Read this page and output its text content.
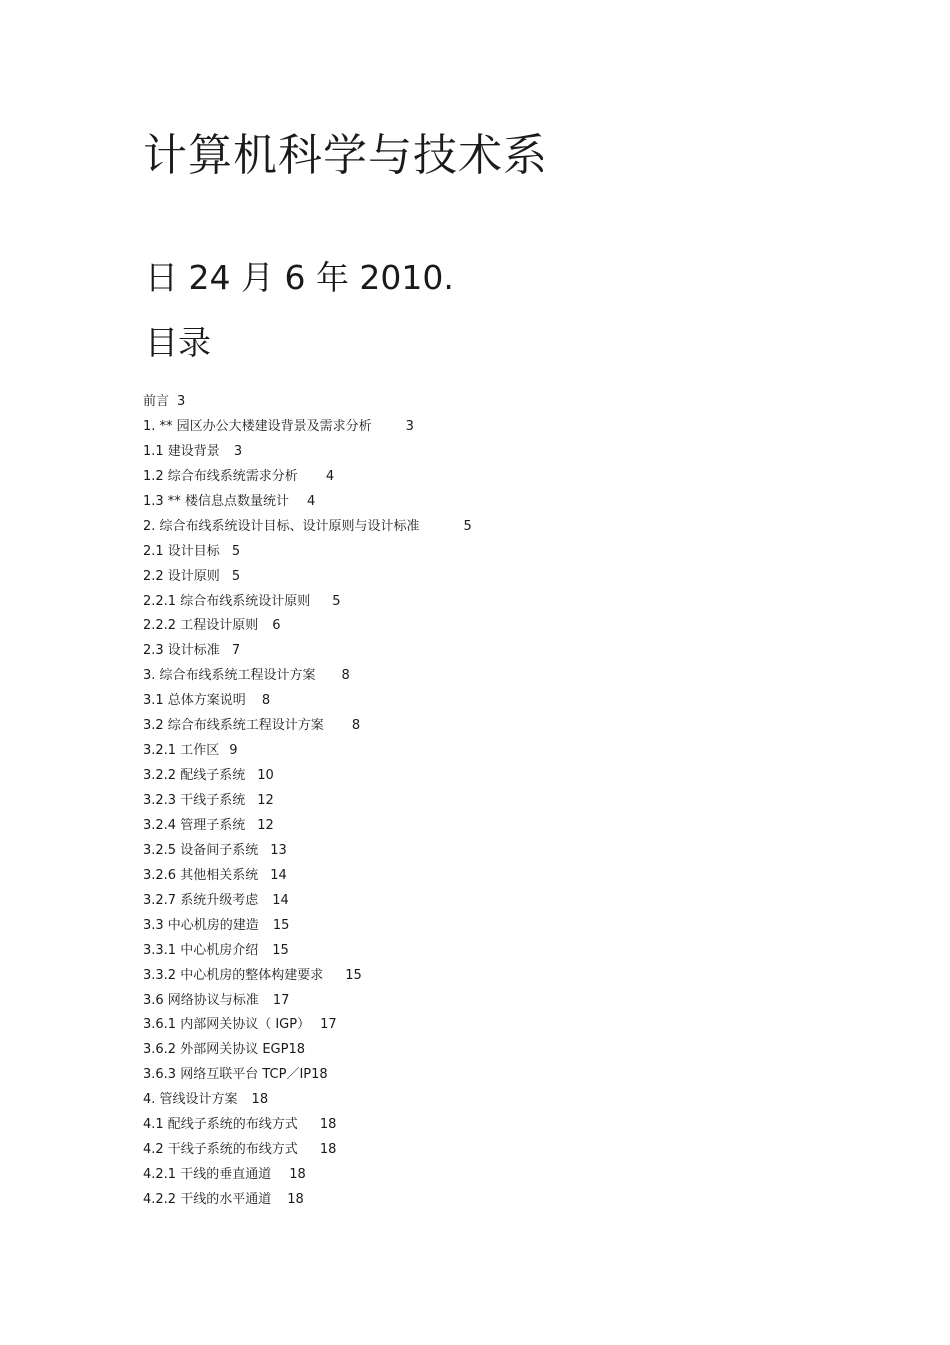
计算机科学与技术系
日 24 月 6 年 2010.
目录
前言 3
1. ** 园区办公大楼建设背景及需求分析	3
1.1 建设背景 3
1.2 综合布线系统需求分析 4
1.3 ** 楼信息点数量统计 4
2. 综合布线系统设计目标、设计原则与设计标准	5
2.1 设计目标 5
2.2 设计原则 5
2.2.1 综合布线系统设计原则 5
2.2.2 工程设计原则 6
2.3 设计标准 7
3. 综合布线系统工程设计方案 8
3.1 总体方案说明 8
3.2 综合布线系统工程设计方案 8
3.2.1 工作区 9
3.2.2 配线子系统 10
3.2.3 干线子系统 12
3.2.4 管理子系统 12
3.2.5 设备间子系统 13
3.2.6 其他相关系统 14
3.2.7 系统升级考虑 14
3.3 中心机房的建造 15
3.3.1 中心机房介绍 15
3.3.2 中心机房的整体构建要求 15
3.6 网络协议与标准 17
3.6.1 内部网关协议（ IGP） 17
3.6.2 外部网关协议 EGP18
3.6.3 网络互联平台 TCP／IP18
4. 管线设计方案 18
4.1 配线子系统的布线方式 18
4.2 干线子系统的布线方式 18
4.2.1 干线的垂直通道 18
4.2.2 干线的水平通道 18
